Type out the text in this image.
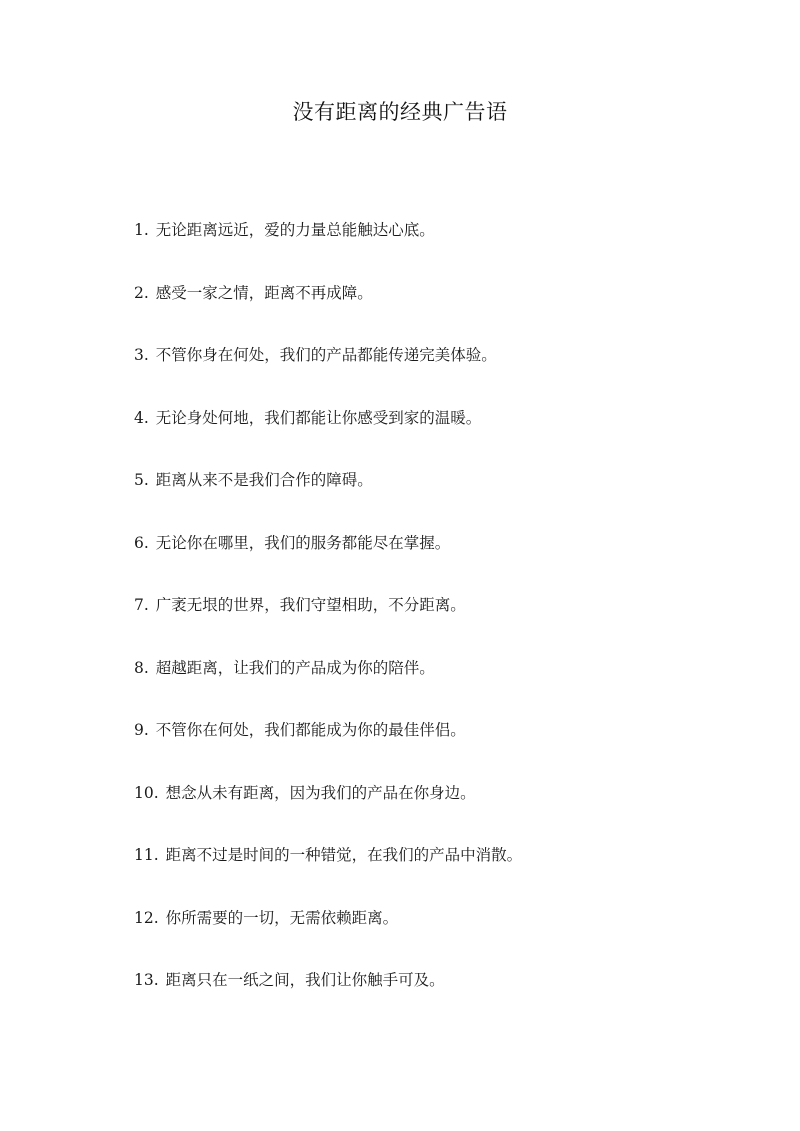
没有距离的经典广告语
1. 无论距离远近，爱的力量总能触达心底。
2. 感受一家之情，距离不再成障。
3. 不管你身在何处，我们的产品都能传递完美体验。
4. 无论身处何地，我们都能让你感受到家的温暖。
5. 距离从来不是我们合作的障碍。
6. 无论你在哪里，我们的服务都能尽在掌握。
7. 广袤无垠的世界，我们守望相助，不分距离。
8. 超越距离，让我们的产品成为你的陪伴。
9. 不管你在何处，我们都能成为你的最佳伴侣。
10. 想念从未有距离，因为我们的产品在你身边。
11. 距离不过是时间的一种错觉，在我们的产品中消散。
12. 你所需要的一切，无需依赖距离。
13. 距离只在一纸之间，我们让你触手可及。
